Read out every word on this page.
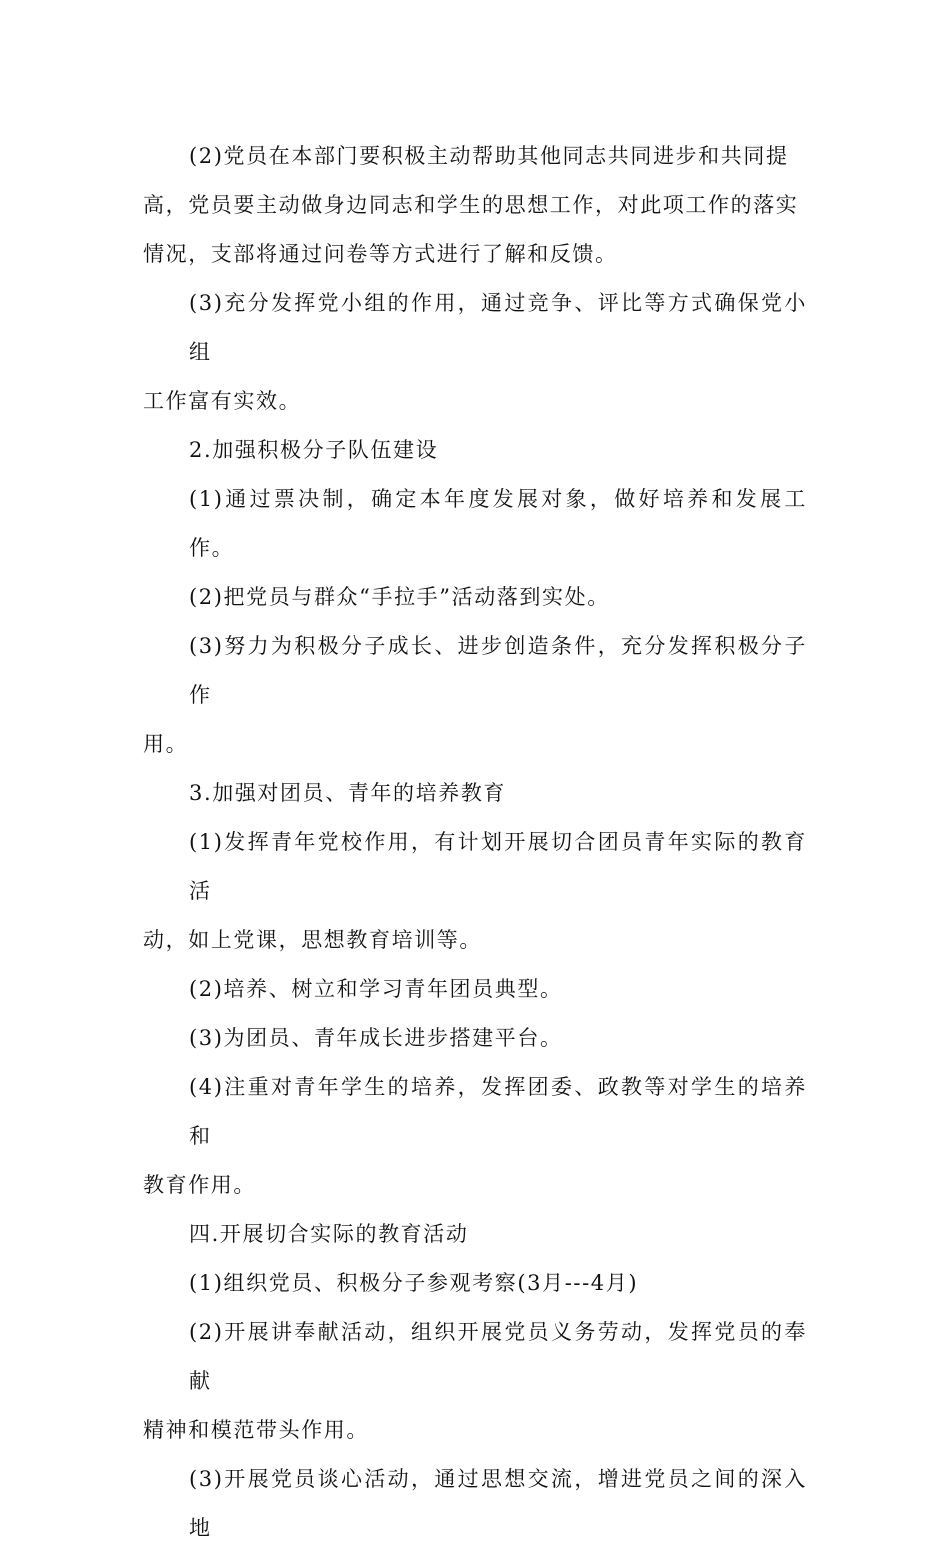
(2)党员在本部门要积极主动帮助其他同志共同进步和共同提
高，党员要主动做身边同志和学生的思想工作，对此项工作的落实
情况，支部将通过问卷等方式进行了解和反馈。

(3)充分发挥党小组的作用，通过竞争、评比等方式确保党小组
工作富有实效。

2.加强积极分子队伍建设

(1)通过票决制，确定本年度发展对象，做好培养和发展工作。

(2)把党员与群众“手拉手”活动落到实处。

(3)努力为积极分子成长、进步创造条件，充分发挥积极分子作
用。

3.加强对团员、青年的培养教育

(1)发挥青年党校作用，有计划开展切合团员青年实际的教育活
动，如上党课，思想教育培训等。

(2)培养、树立和学习青年团员典型。

(3)为团员、青年成长进步搭建平台。

(4)注重对青年学生的培养，发挥团委、政教等对学生的培养和
教育作用。

四.开展切合实际的教育活动

(1)组织党员、积极分子参观考察(3月---4月)

(2)开展讲奉献活动，组织开展党员义务劳动，发挥党员的奉献
精神和模范带头作用。

(3)开展党员谈心活动，通过思想交流，增进党员之间的深入地
